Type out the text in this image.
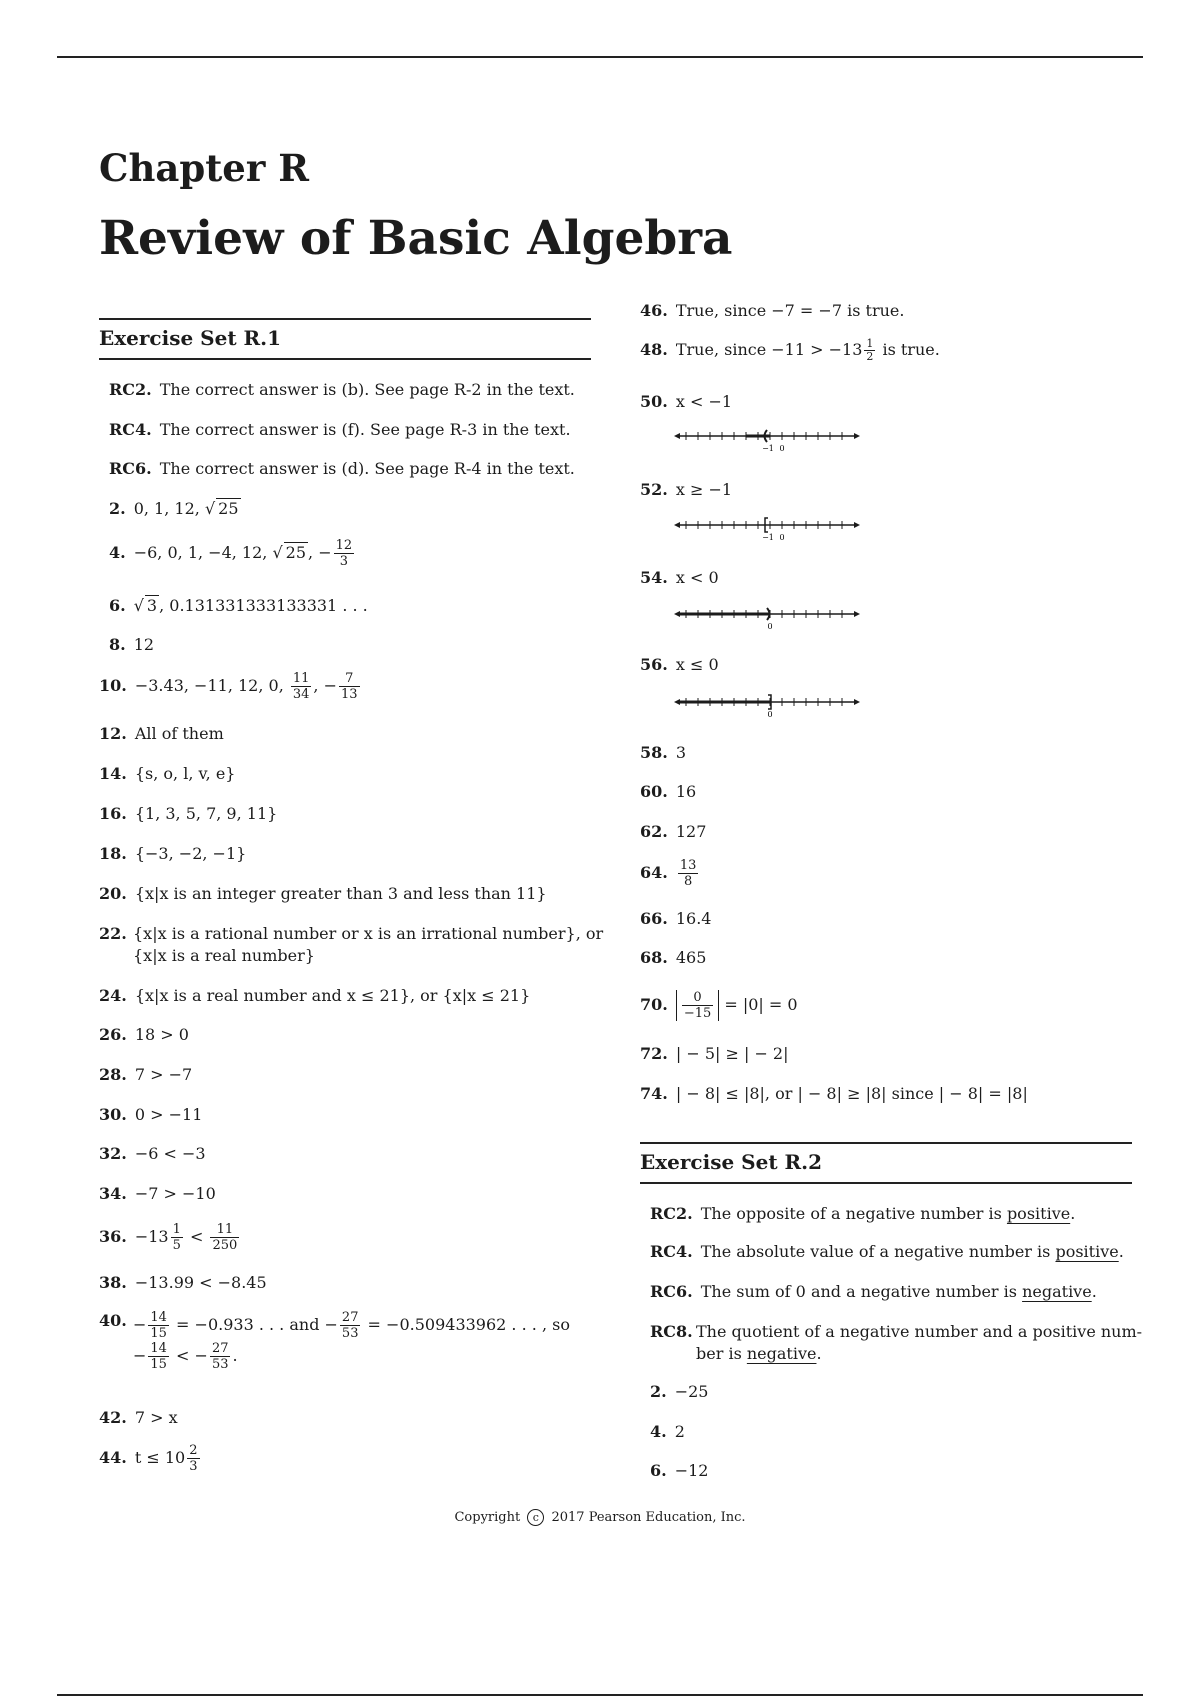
Chapter R
Review of Basic Algebra
Exercise Set R.1
RC2. The correct answer is (b). See page R-2 in the text.
RC4. The correct answer is (f). See page R-3 in the text.
RC6. The correct answer is (d). See page R-4 in the text.
2. 0, 1, 12, √ 25
4. −6, 0, 1, −4, 12, √ 25 , − $\frac{12}{3}$
6. √ 3 , 0.131331333133331 . . .
8. 12
10. −3.43, −11, 12, 0, $\frac{11}{34}$ , − $\frac{7}{13}$
12. All of them
14. {s, o, l, v, e}
16. {1, 3, 5, 7, 9, 11}
18. {−3, −2, −1}
20. {x|x is an integer greater than 3 and less than 11}
22. {x|x is a rational number or x is an irrational number}, or
{x|x is a real number}
24. {x|x is a real number and x ≤ 21}, or {x|x ≤ 21}
26. 18 > 0
28. 7 > −7
30. 0 > −11
32. −6 < −3
34. −7 > −10
36. $-13 \frac{1}{5} < \frac{11}{250}$
38. −13.99 < −8.45
40. − $\frac{14}{15} = -0.933$ . . . and − $\frac{27}{53} = -0.509433962$ . . . , so
− $\frac{14}{15}$ < − $\frac{27}{53}$ .
42. 7 > x
44. $t \le 10 \frac{2}{3}$
46. True, since −7 = −7 is true.
48. True, since $-11 > -13 \frac{1}{2}$ is true.
50. x < −1
−1 0
52. x ≥ −1
−1 0
54. x < 0
0
56. x ≤ 0
0
58. 3
60. 16
62. 127
64. $\frac{13}{8}$
66. 16.4
68. 465
70. $\frac{0}{-15} = |0| = 0$
72. | − 5| ≥ | − 2|
74. | − 8| ≤ |8|, or | − 8| ≥ |8| since | − 8| = |8|
Exercise Set R.2
RC2. The opposite of a negative number is positive.
RC4. The absolute value of a negative number is positive.
RC6. The sum of 0 and a negative number is negative.
RC8. The quotient of a negative number and a positive num-
ber is negative.
2. −25
4. 2
6. −12
Copyright c 2017 Pearson Education, Inc.
